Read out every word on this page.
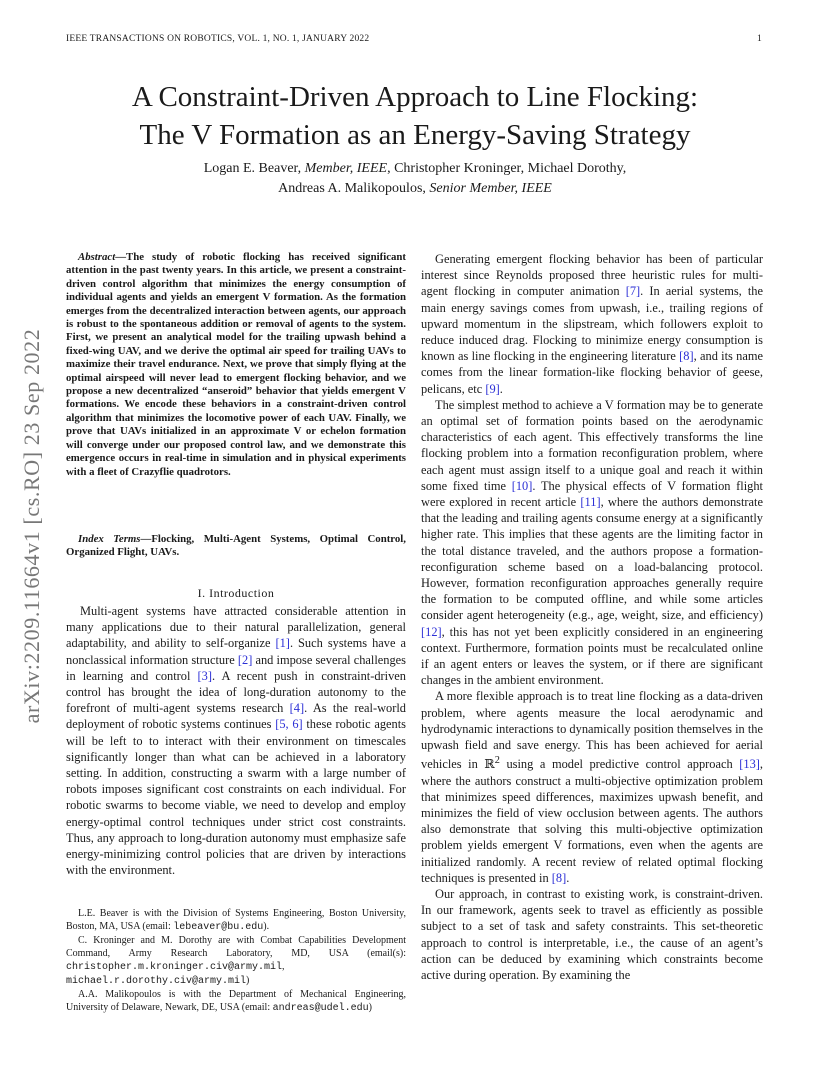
IEEE TRANSACTIONS ON ROBOTICS, VOL. 1, NO. 1, JANUARY 2022	1
A Constraint-Driven Approach to Line Flocking:
The V Formation as an Energy-Saving Strategy
Logan E. Beaver, Member, IEEE, Christopher Kroninger, Michael Dorothy,
Andreas A. Malikopoulos, Senior Member, IEEE
arXiv:2209.11664v1 [cs.RO] 23 Sep 2022

Abstract—The study of robotic flocking has received significant attention in the past twenty years. In this article, we present a constraint-driven control algorithm that minimizes the energy consumption of individual agents and yields an emergent V formation. As the formation emerges from the decentralized interaction between agents, our approach is robust to the spontaneous addition or removal of agents to the system. First, we present an analytical model for the trailing upwash behind a fixed-wing UAV, and we derive the optimal air speed for trailing UAVs to maximize their travel endurance. Next, we prove that simply flying at the optimal airspeed will never lead to emergent flocking behavior, and we propose a new decentralized “anseroid” behavior that yields emergent V formations. We encode these behaviors in a constraint-driven control algorithm that minimizes the locomotive power of each UAV. Finally, we prove that UAVs initialized in an approximate V or echelon formation will converge under our proposed control law, and we demonstrate this emergence occurs in real-time in simulation and in physical experiments with a fleet of Crazyflie quadrotors.

Index Terms—Flocking, Multi-Agent Systems, Optimal Control, Organized Flight, UAVs.

I. Introduction

Multi-agent systems have attracted considerable attention in many applications due to their natural parallelization, general adaptability, and ability to self-organize [1]. Such systems have a nonclassical information structure [2] and impose several challenges in learning and control [3]. A recent push in constraint-driven control has brought the idea of long-duration autonomy to the forefront of multi-agent systems research [4]. As the real-world deployment of robotic systems continues [5, 6] these robotic agents will be left to to interact with their environment on timescales significantly longer than what can be achieved in a laboratory setting. In addition, constructing a swarm with a large number of robots imposes significant cost constraints on each individual. For robotic swarms to become viable, we need to develop and employ energy-optimal control techniques under strict cost constraints. Thus, any approach to long-duration autonomy must emphasize safe energy-minimizing control policies that are driven by interactions with the environment.

L.E. Beaver is with the Division of Systems Engineering, Boston University, Boston, MA, USA (email: lebeaver@bu.edu).

C. Kroninger and M. Dorothy are with Combat Capabilities Development Command, Army Research Laboratory, MD, USA (email(s): christopher.m.kroninger.civ@army.mil, michael.r.dorothy.civ@army.mil)

A.A. Malikopoulos is with the Department of Mechanical Engineering, University of Delaware, Newark, DE, USA (email: andreas@udel.edu)

Generating emergent flocking behavior has been of particular interest since Reynolds proposed three heuristic rules for multi-agent flocking in computer animation [7]. In aerial systems, the main energy savings comes from upwash, i.e., trailing regions of upward momentum in the slipstream, which followers exploit to reduce induced drag. Flocking to minimize energy consumption is known as line flocking in the engineering literature [8], and its name comes from the linear formation-like flocking behavior of geese, pelicans, etc [9].

The simplest method to achieve a V formation may be to generate an optimal set of formation points based on the aerodynamic characteristics of each agent. This effectively transforms the line flocking problem into a formation reconfiguration problem, where each agent must assign itself to a unique goal and reach it within some fixed time [10]. The physical effects of V formation flight were explored in recent article [11], where the authors demonstrate that the leading and trailing agents consume energy at a significantly higher rate. This implies that these agents are the limiting factor in the total distance traveled, and the authors propose a formation-reconfiguration scheme based on a load-balancing protocol. However, formation reconfiguration approaches generally require the formation to be computed offline, and while some articles consider agent heterogeneity (e.g., age, weight, size, and efficiency) [12], this has not yet been explicitly considered in an engineering context. Furthermore, formation points must be recalculated online if an agent enters or leaves the system, or if there are significant changes in the ambient environment.

A more flexible approach is to treat line flocking as a data-driven problem, where agents measure the local aerodynamic and hydrodynamic interactions to dynamically position themselves in the upwash field and save energy. This has been achieved for aerial vehicles in ℝ$^2$ using a model predictive control approach [13], where the authors construct a multi-objective optimization problem that minimizes speed differences, maximizes upwash benefit, and minimizes the field of view occlusion between agents. The authors also demonstrate that solving this multi-objective optimization problem yields emergent V formations, even when the agents are initialized randomly. A recent review of related optimal flocking techniques is presented in [8].

Our approach, in contrast to existing work, is constraint-driven. In our framework, agents seek to travel as efficiently as possible subject to a set of task and safety constraints. This set-theoretic approach to control is interpretable, i.e., the cause of an agent’s action can be deduced by examining which constraints become active during operation. By examining the
